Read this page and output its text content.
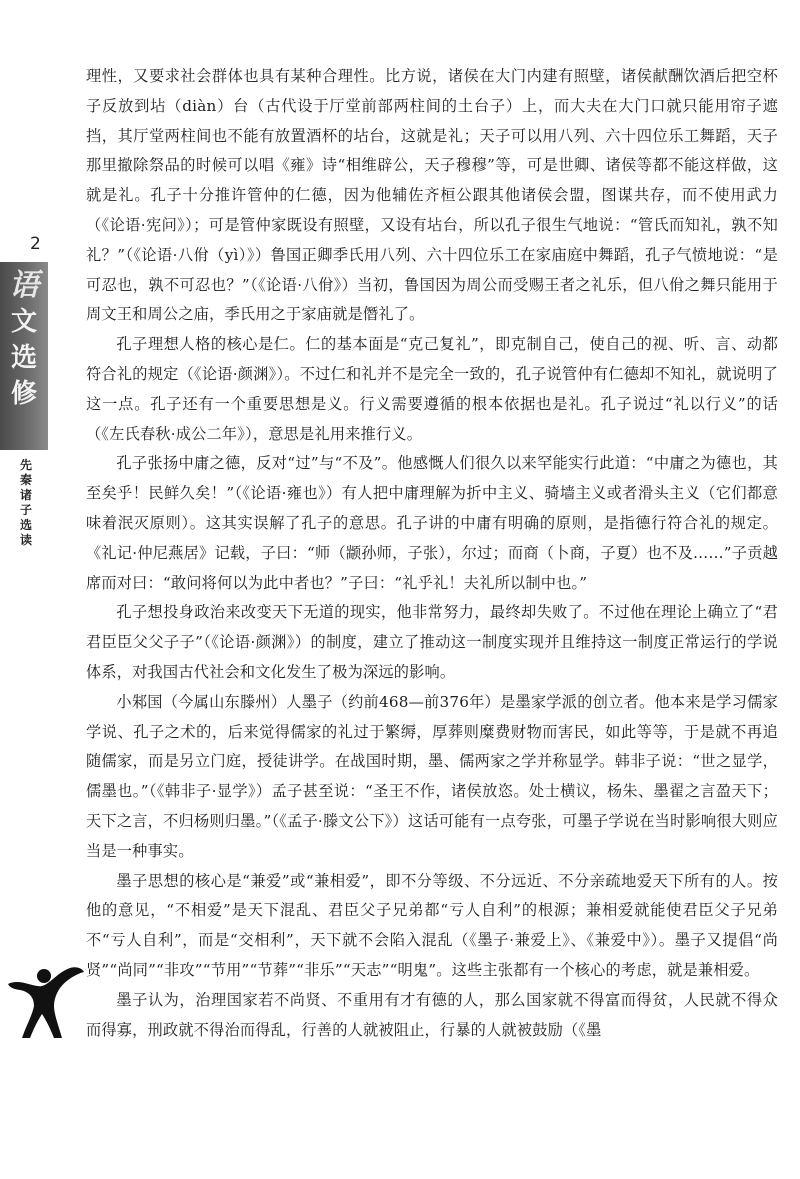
2
语
文
选
修
先
秦
诸
子
选
读

理性，又要求社会群体也具有某种合理性。比方说，诸侯在大门内建有照壁，诸侯献酬饮酒后把空杯子反放到坫（diàn）台（古代设于厅堂前部两柱间的土台子）上，而大夫在大门口就只能用帘子遮挡，其厅堂两柱间也不能有放置酒杯的坫台，这就是礼；天子可以用八列、六十四位乐工舞蹈，天子那里撤除祭品的时候可以唱《雍》诗“相维辟公，天子穆穆”等，可是世卿、诸侯等都不能这样做，这就是礼。孔子十分推许管仲的仁德，因为他辅佐齐桓公跟其他诸侯会盟，图谋共存，而不使用武力（《论语·宪问》）；可是管仲家既设有照壁，又设有坫台，所以孔子很生气地说：“管氏而知礼，孰不知礼？”（《论语·八佾（yì）》）鲁国正卿季氏用八列、六十四位乐工在家庙庭中舞蹈，孔子气愤地说：“是可忍也，孰不可忍也？”（《论语·八佾》）当初，鲁国因为周公而受赐王者之礼乐，但八佾之舞只能用于周文王和周公之庙，季氏用之于家庙就是僭礼了。

孔子理想人格的核心是仁。仁的基本面是“克己复礼”，即克制自己，使自己的视、听、言、动都符合礼的规定（《论语·颜渊》）。不过仁和礼并不是完全一致的，孔子说管仲有仁德却不知礼，就说明了这一点。孔子还有一个重要思想是义。行义需要遵循的根本依据也是礼。孔子说过“礼以行义”的话（《左氏春秋·成公二年》），意思是礼用来推行义。

孔子张扬中庸之德，反对“过”与“不及”。他感慨人们很久以来罕能实行此道：“中庸之为德也，其至矣乎！民鲜久矣！”（《论语·雍也》）有人把中庸理解为折中主义、骑墙主义或者滑头主义（它们都意味着泯灭原则）。这其实误解了孔子的意思。孔子讲的中庸有明确的原则，是指德行符合礼的规定。《礼记·仲尼燕居》记载，子曰：“师（颛孙师，子张），尔过；而商（卜商，子夏）也不及……”子贡越席而对曰：“敢问将何以为此中者也？”子曰：“礼乎礼！夫礼所以制中也。”

孔子想投身政治来改变天下无道的现实，他非常努力，最终却失败了。不过他在理论上确立了“君君臣臣父父子子”（《论语·颜渊》）的制度，建立了推动这一制度实现并且维持这一制度正常运行的学说体系，对我国古代社会和文化发生了极为深远的影响。

小邾国（今属山东滕州）人墨子（约前468—前376年）是墨家学派的创立者。他本来是学习儒家学说、孔子之术的，后来觉得儒家的礼过于繁缛，厚葬则糜费财物而害民，如此等等，于是就不再追随儒家，而是另立门庭，授徒讲学。在战国时期，墨、儒两家之学并称显学。韩非子说：“世之显学，儒墨也。”（《韩非子·显学》）孟子甚至说：“圣王不作，诸侯放恣。处士横议，杨朱、墨翟之言盈天下；天下之言，不归杨则归墨。”（《孟子·滕文公下》）这话可能有一点夸张，可墨子学说在当时影响很大则应当是一种事实。

墨子思想的核心是“兼爱”或“兼相爱”，即不分等级、不分远近、不分亲疏地爱天下所有的人。按他的意见，“不相爱”是天下混乱、君臣父子兄弟都“亏人自利”的根源；兼相爱就能使君臣父子兄弟不“亏人自利”，而是“交相利”，天下就不会陷入混乱（《墨子·兼爱上》、《兼爱中》）。墨子又提倡“尚贤”“尚同”“非攻”“节用”“节葬”“非乐”“天志”“明鬼”。这些主张都有一个核心的考虑，就是兼相爱。

墨子认为，治理国家若不尚贤、不重用有才有德的人，那么国家就不得富而得贫，人民就不得众而得寡，刑政就不得治而得乱，行善的人就被阻止，行暴的人就被鼓励（《墨
